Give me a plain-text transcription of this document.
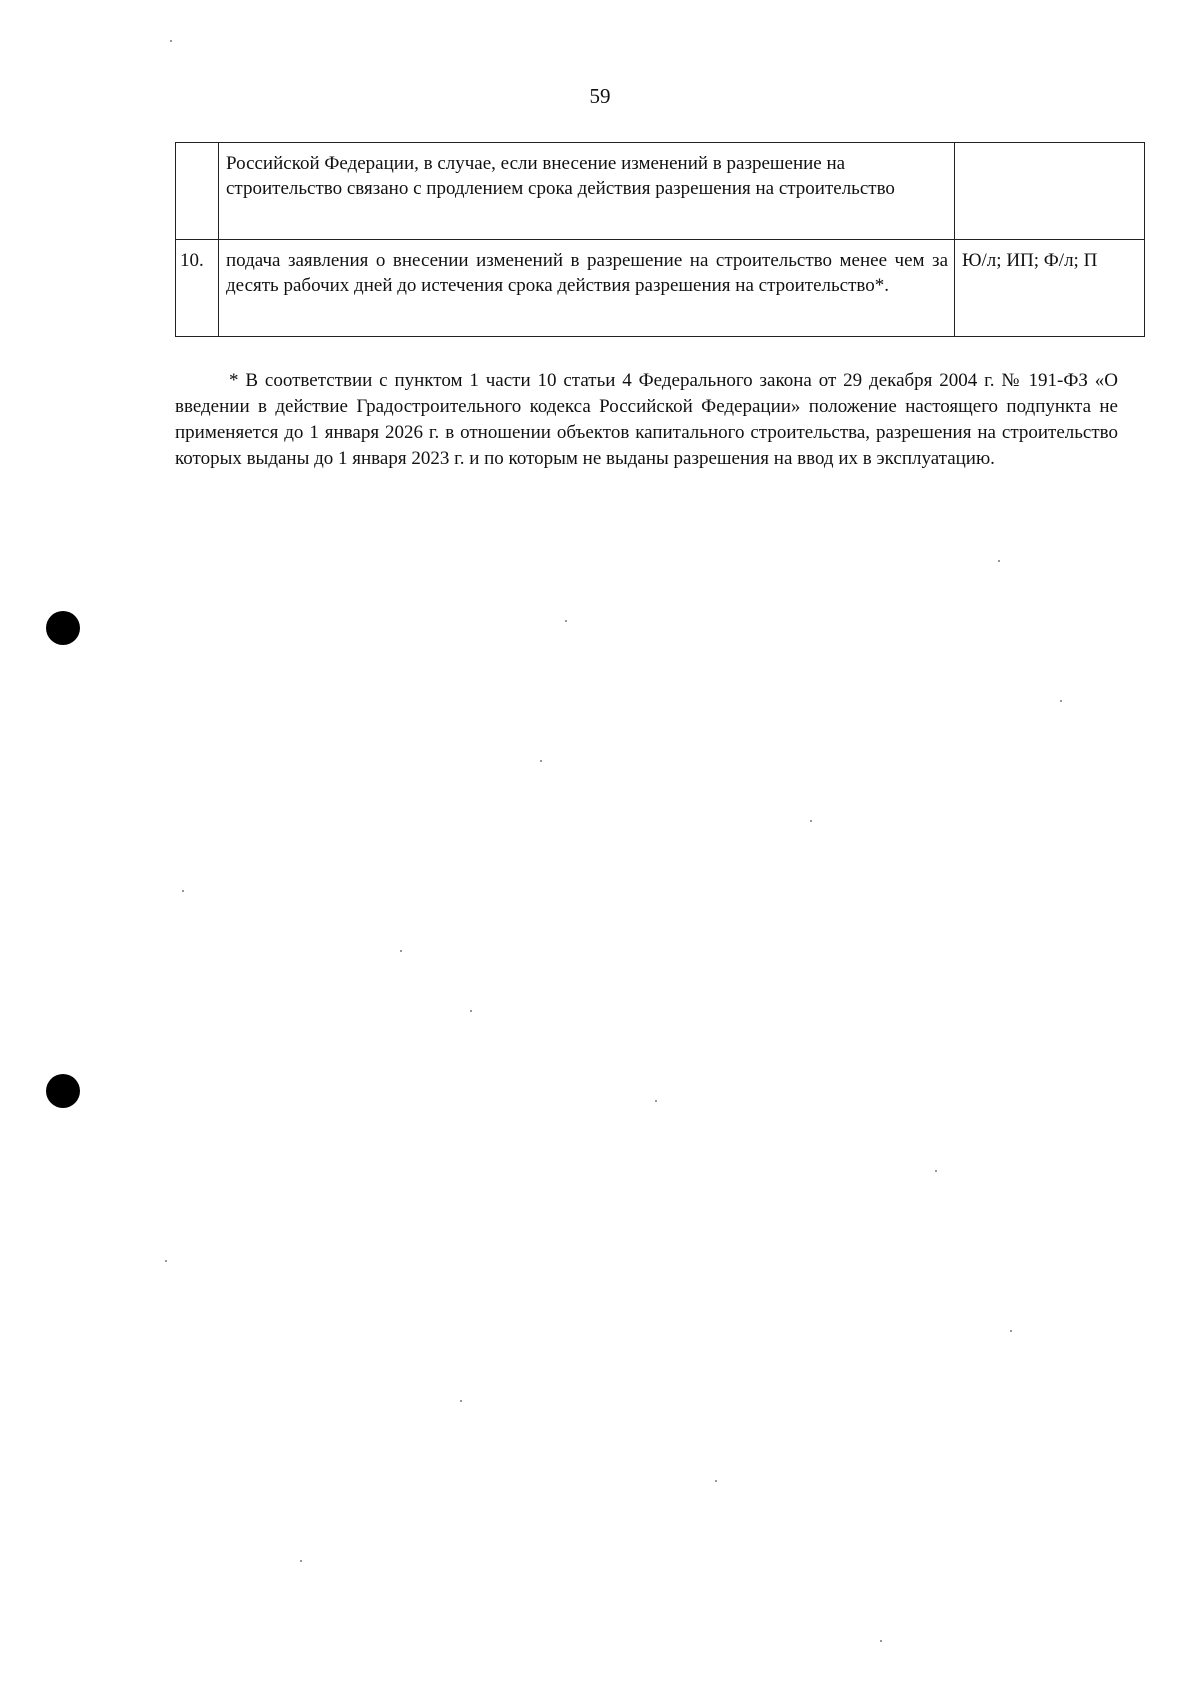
59
	Российской Федерации, в случае, если внесение изменений в разрешение на строительство связано с продлением срока действия разрешения на строительство	
10.	подача заявления о внесении изменений в разрешение на строительство менее чем за десять рабочих дней до истечения срока действия разрешения на строительство*.	Ю/л; ИП; Ф/л; П

* В соответствии с пунктом 1 части 10 статьи 4 Федерального закона от 29 декабря 2004 г. № 191-ФЗ «О введении в действие Градостроительного кодекса Российской Федерации» положение настоящего подпункта не применяется до 1 января 2026 г. в отношении объектов капитального строительства, разрешения на строительство которых выданы до 1 января 2023 г. и по которым не выданы разрешения на ввод их в эксплуатацию.
